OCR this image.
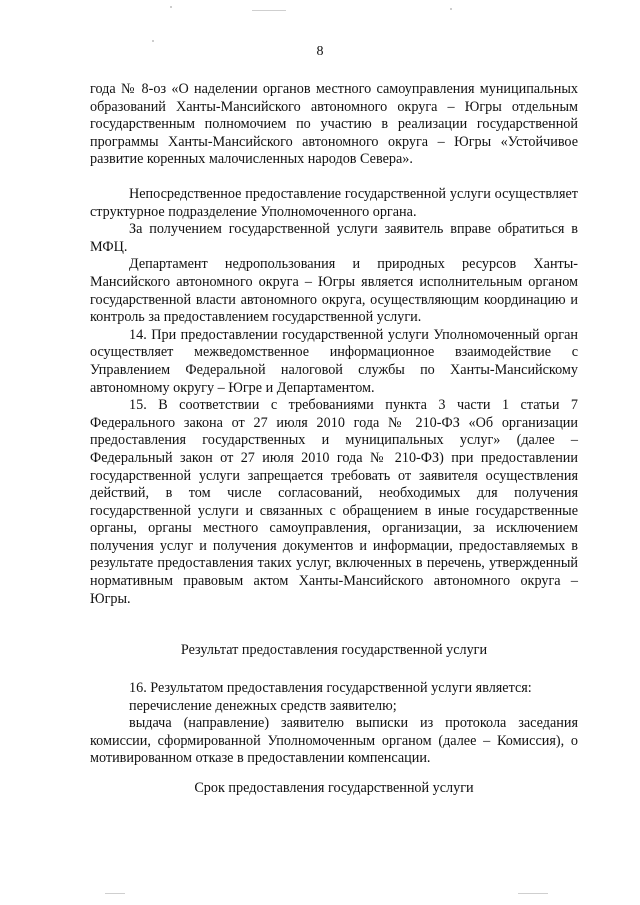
8

года № 8-оз «О наделении органов местного самоуправления муниципальных образований Ханты-Мансийского автономного округа – Югры отдельным государственным полномочием по участию в реализации государственной программы Ханты-Мансийского автономного округа – Югры «Устойчивое развитие коренных малочисленных народов Севера».

Непосредственное предоставление государственной услуги осуществляет структурное подразделение Уполномоченного органа.

За получением государственной услуги заявитель вправе обратиться в МФЦ.

Департамент недропользования и природных ресурсов Ханты-Мансийского автономного округа – Югры является исполнительным органом государственной власти автономного округа, осуществляющим координацию и контроль за предоставлением государственной услуги.

14. При предоставлении государственной услуги Уполномоченный орган осуществляет межведомственное информационное взаимодействие с Управлением Федеральной налоговой службы по Ханты-Мансийскому автономному округу – Югре и Департаментом.

15. В соответствии с требованиями пункта 3 части 1 статьи 7 Федерального закона от 27 июля 2010 года № 210-ФЗ «Об организации предоставления государственных и муниципальных услуг» (далее – Федеральный закон от 27 июля 2010 года № 210-ФЗ) при предоставлении государственной услуги запрещается требовать от заявителя осуществления действий, в том числе согласований, необходимых для получения государственной услуги и связанных с обращением в иные государственные органы, органы местного самоуправления, организации, за исключением получения услуг и получения документов и информации, предоставляемых в результате предоставления таких услуг, включенных в перечень, утвержденный нормативным правовым актом Ханты-Мансийского автономного округа – Югры.

Результат предоставления государственной услуги

16. Результатом предоставления государственной услуги является:

перечисление денежных средств заявителю;

выдача (направление) заявителю выписки из протокола заседания комиссии, сформированной Уполномоченным органом (далее – Комиссия), о мотивированном отказе в предоставлении компенсации.

Срок предоставления государственной услуги
